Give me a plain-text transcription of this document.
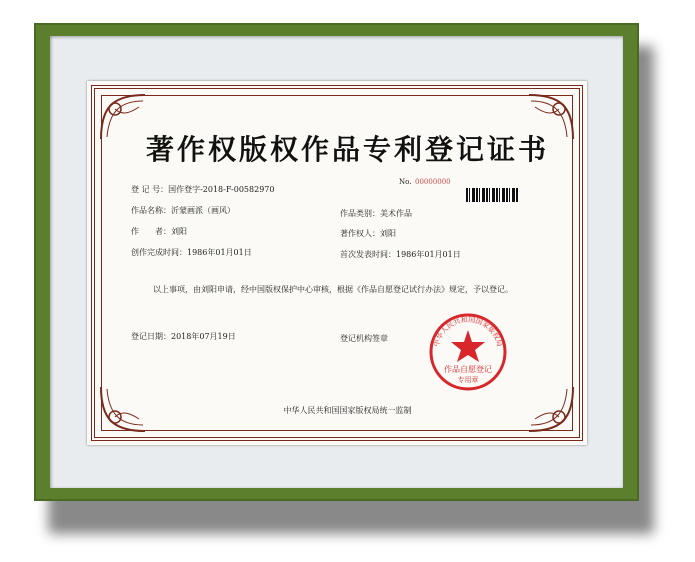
著作权版权作品专利登记证书
No. 00000000
登 记 号：国作登字-2018-F-00582970
作品名称：沂蒙画派（画风）	作品类别：美术作品
作　　者：刘阳	著作权人：刘阳
创作完成时间：1986年01月01日	首次发表时间：1986年01月01日
以上事项，由刘阳申请，经中国版权保护中心审核，根据《作品自愿登记试行办法》规定，予以登记。
登记日期：2018年07月19日	登记机构签章
作品自愿登记
专用章
中华人民共和国国家版权局
中华人民共和国国家版权局统一监制
